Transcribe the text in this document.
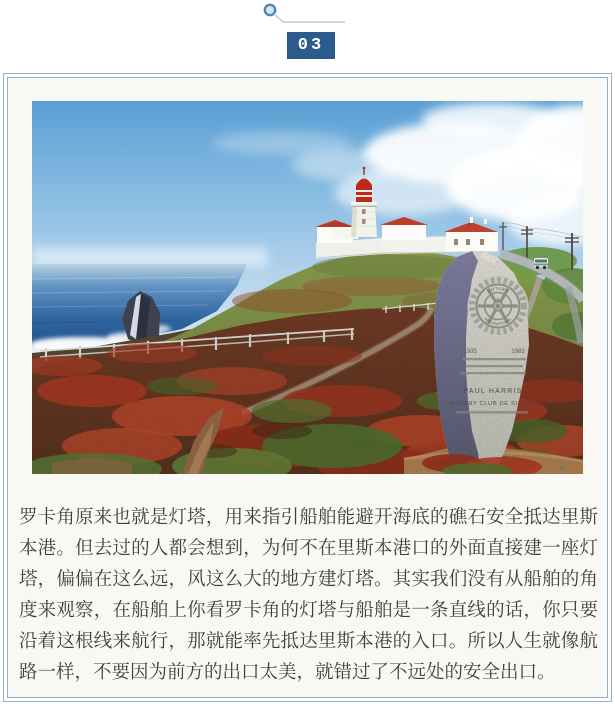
03
ROTARY
INTERNATIONAL
1905	1983
PAUL HARRIS
ROTARY CLUB DE SINTRA

罗卡角原来也就是灯塔，用来指引船舶能避开海底的礁石安全抵达里斯本港。但去过的人都会想到，为何不在里斯本港口的外面直接建一座灯塔，偏偏在这么远，风这么大的地方建灯塔。其实我们没有从船舶的角度来观察，在船舶上你看罗卡角的灯塔与船舶是一条直线的话，你只要沿着这根线来航行，那就能率先抵达里斯本港的入口。所以人生就像航路一样，不要因为前方的出口太美，就错过了不远处的安全出口。
